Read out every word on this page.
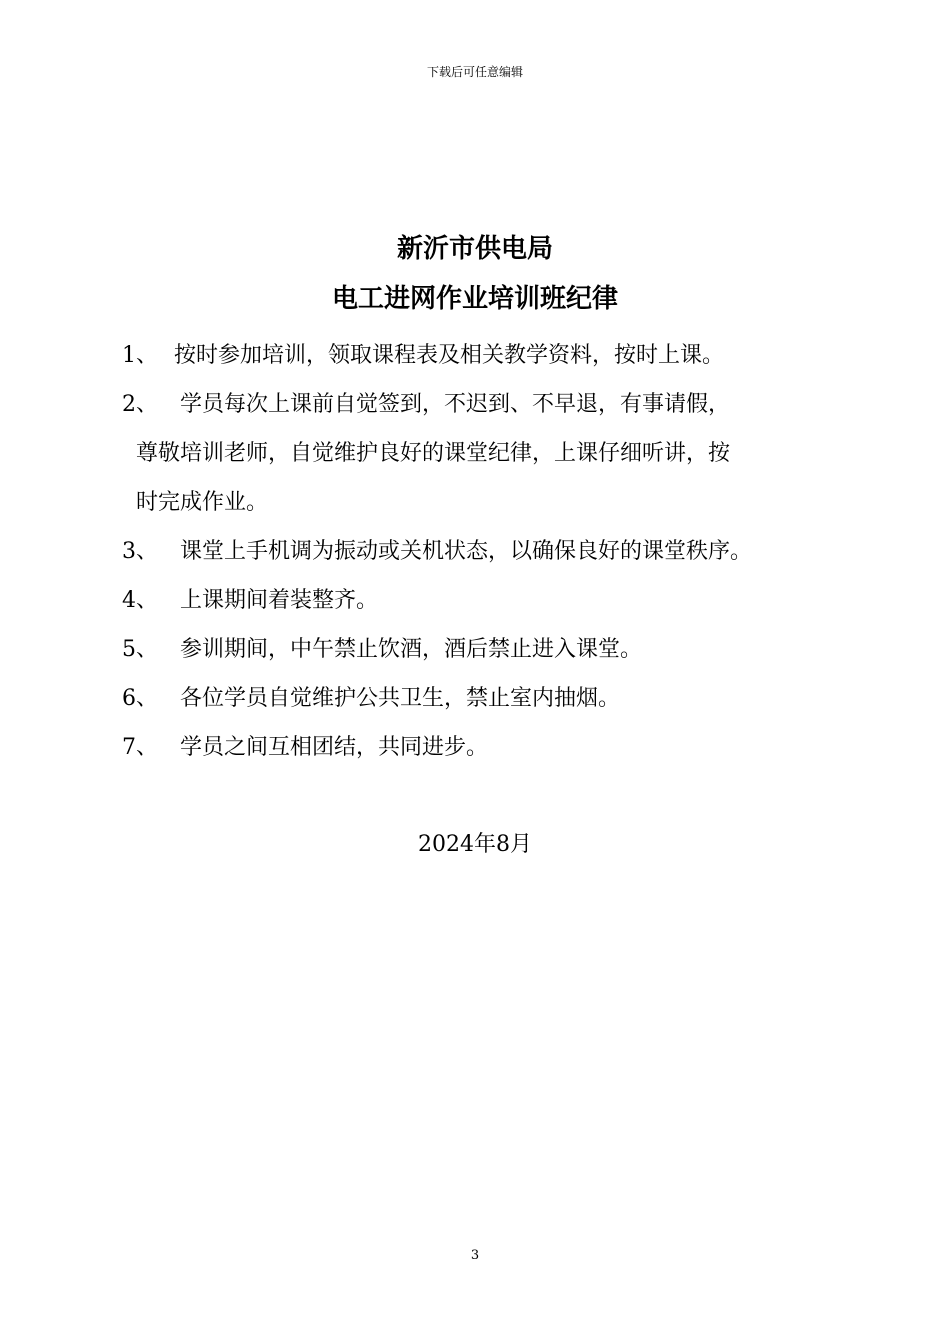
下载后可任意编辑
新沂市供电局
电工进网作业培训班纪律
1、 按时参加培训，领取课程表及相关教学资料，按时上课。
2、	学员每次上课前自觉签到，不迟到、不早退，有事请假，
尊敬培训老师，自觉维护良好的课堂纪律，上课仔细听讲，按
时完成作业。
3、	课堂上手机调为振动或关机状态，以确保良好的课堂秩序。
4、	上课期间着装整齐。
5、	参训期间，中午禁止饮酒，酒后禁止进入课堂。
6、	各位学员自觉维护公共卫生，禁止室内抽烟。
7、	学员之间互相团结，共同进步。
2024年8月
3
